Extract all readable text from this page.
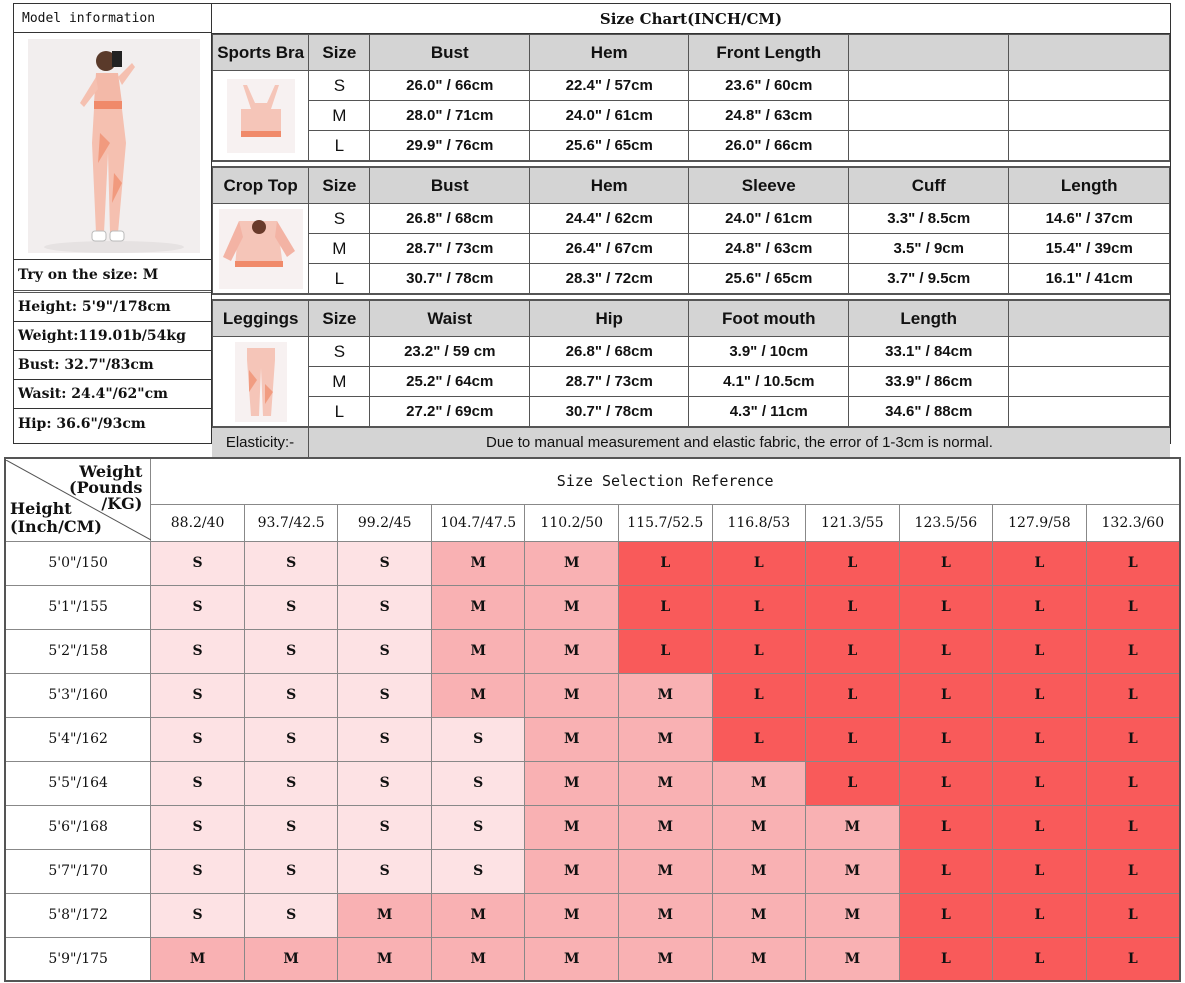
Model information
Try on the size: M
Height: 5'9"/178cm
Weight:119.01b/54kg
Bust: 32.7"/83cm
Wasit: 24.4"/62"cm
Hip: 36.6"/93cm
Size Chart(INCH/CM)
Sports Bra	Size	Bust	Hem	Front Length		

	S	26.0" / 66cm	22.4" / 57cm	23.6" / 60cm		
	M	28.0" / 71cm	24.0" / 61cm	24.8" / 63cm		
	L	29.9" / 76cm	25.6" / 65cm	26.0" / 66cm		
Crop Top	Size	Bust	Hem	Sleeve	Cuff	Length

	S	26.8" / 68cm	24.4" / 62cm	24.0" / 61cm	3.3" / 8.5cm	14.6" / 37cm
	M	28.7" / 73cm	26.4" / 67cm	24.8" / 63cm	3.5" / 9cm	15.4" / 39cm
	L	30.7" / 78cm	28.3" / 72cm	25.6" / 65cm	3.7" / 9.5cm	16.1" / 41cm
Leggings	Size	Waist	Hip	Foot mouth	Length	

	S	23.2" / 59 cm	26.8" / 68cm	3.9" / 10cm	33.1" / 84cm	
	M	25.2" / 64cm	28.7" / 73cm	4.1" / 10.5cm	33.9" / 86cm	
	L	27.2" / 69cm	30.7" / 78cm	4.3" / 11cm	34.6" / 88cm	
Elasticity:-	Due to manual measurement and elastic fabric, the error of 1-3cm is normal.
Weight
(Pounds
/KG)
Height
(Inch/CM)	Size Selection Reference										
	88.2/40	93.7/42.5	99.2/45	104.7/47.5	110.2/50	115.7/52.5	116.8/53	121.3/55	123.5/56	127.9/58	132.3/60
5'0"/150	S	S	S	M	M	L	L	L	L	L	L
5'1"/155	S	S	S	M	M	L	L	L	L	L	L
5'2"/158	S	S	S	M	M	L	L	L	L	L	L
5'3"/160	S	S	S	M	M	M	L	L	L	L	L
5'4"/162	S	S	S	S	M	M	L	L	L	L	L
5'5"/164	S	S	S	S	M	M	M	L	L	L	L
5'6"/168	S	S	S	S	M	M	M	M	L	L	L
5'7"/170	S	S	S	S	M	M	M	M	L	L	L
5'8"/172	S	S	M	M	M	M	M	M	L	L	L
5'9"/175	M	M	M	M	M	M	M	M	L	L	L
